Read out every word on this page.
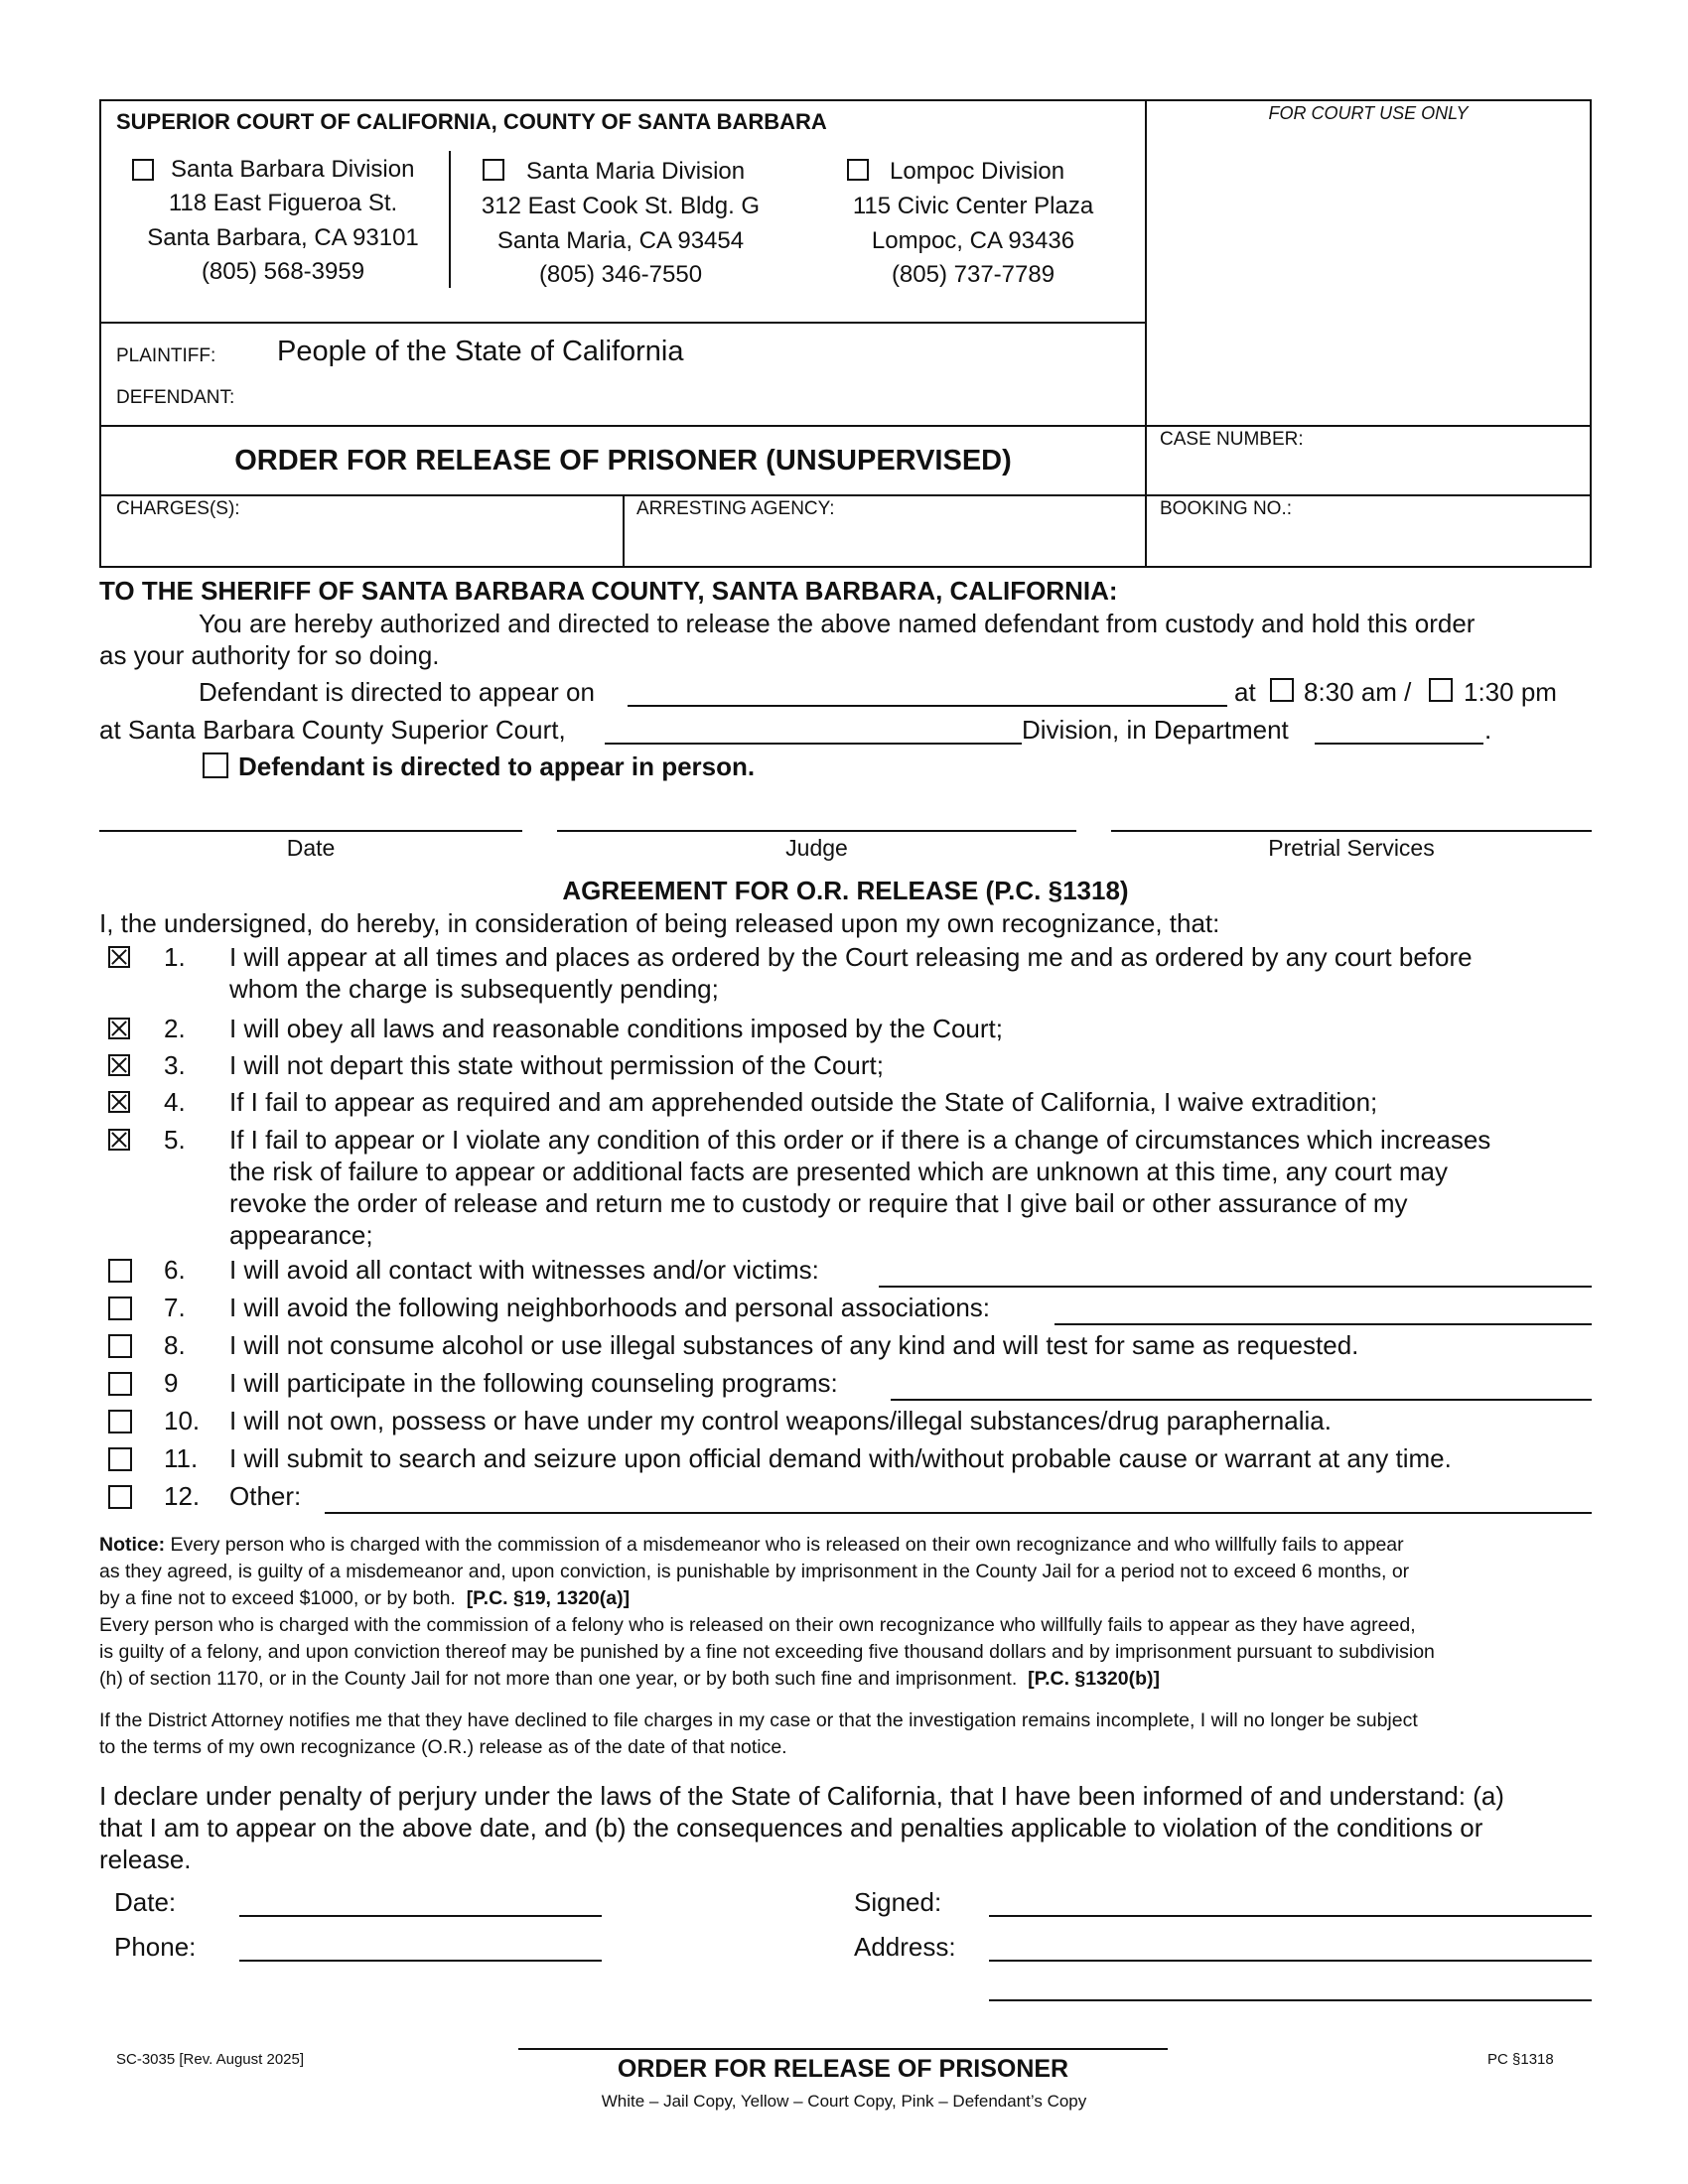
SUPERIOR COURT OF CALIFORNIA, COUNTY OF SANTA BARBARA	FOR COURT USE ONLY
Santa Barbara Division
118 East Figueroa St.
Santa Barbara, CA 93101
(805) 568-3959
Santa Maria Division
312 East Cook St. Bldg. G
Santa Maria, CA 93454
(805) 346-7550
Lompoc Division
115 Civic Center Plaza
Lompoc, CA 93436
(805) 737-7789
PLAINTIFF: People of the State of California
DEFENDANT:
ORDER FOR RELEASE OF PRISONER (UNSUPERVISED)
CASE NUMBER:
CHARGES(S):	ARRESTING AGENCY:	BOOKING NO.:
TO THE SHERIFF OF SANTA BARBARA COUNTY, SANTA BARBARA, CALIFORNIA:
You are hereby authorized and directed to release the above named defendant from custody and hold this order
as your authority for so doing.
Defendant is directed to appear on	at 8:30 am / 1:30 pm
at Santa Barbara County Superior Court,	Division, in Department	.
Defendant is directed to appear in person.
Date	Judge	Pretrial Services
AGREEMENT FOR O.R. RELEASE (P.C. §1318)
I, the undersigned, do hereby, in consideration of being released upon my own recognizance, that:
1. I will appear at all times and places as ordered by the Court releasing me and as ordered by any court before
whom the charge is subsequently pending;
2. I will obey all laws and reasonable conditions imposed by the Court;
3. I will not depart this state without permission of the Court;
4. If I fail to appear as required and am apprehended outside the State of California, I waive extradition;
5. If I fail to appear or I violate any condition of this order or if there is a change of circumstances which increases
the risk of failure to appear or additional facts are presented which are unknown at this time, any court may
revoke the order of release and return me to custody or require that I give bail or other assurance of my
appearance;
6. I will avoid all contact with witnesses and/or victims:
7. I will avoid the following neighborhoods and personal associations:
8. I will not consume alcohol or use illegal substances of any kind and will test for same as requested.
9 I will participate in the following counseling programs:
10. I will not own, possess or have under my control weapons/illegal substances/drug paraphernalia.
11. I will submit to search and seizure upon official demand with/without probable cause or warrant at any time.
12. Other:
Notice: Every person who is charged with the commission of a misdemeanor who is released on their own recognizance and who willfully fails to appear
as they agreed, is guilty of a misdemeanor and, upon conviction, is punishable by imprisonment in the County Jail for a period not to exceed 6 months, or
by a fine not to exceed $1000, or by both. [P.C. §19, 1320(a)]
Every person who is charged with the commission of a felony who is released on their own recognizance who willfully fails to appear as they have agreed,
is guilty of a felony, and upon conviction thereof may be punished by a fine not exceeding five thousand dollars and by imprisonment pursuant to subdivision
(h) of section 1170, or in the County Jail for not more than one year, or by both such fine and imprisonment. [P.C. §1320(b)]
If the District Attorney notifies me that they have declined to file charges in my case or that the investigation remains incomplete, I will no longer be subject
to the terms of my own recognizance (O.R.) release as of the date of that notice.
I declare under penalty of perjury under the laws of the State of California, that I have been informed of and understand: (a)
that I am to appear on the above date, and (b) the consequences and penalties applicable to violation of the conditions or
release.
Date:	Signed:
Phone:	Address:
SC-3035 [Rev. August 2025]	ORDER FOR RELEASE OF PRISONER	PC §1318
White – Jail Copy, Yellow – Court Copy, Pink – Defendant’s Copy
